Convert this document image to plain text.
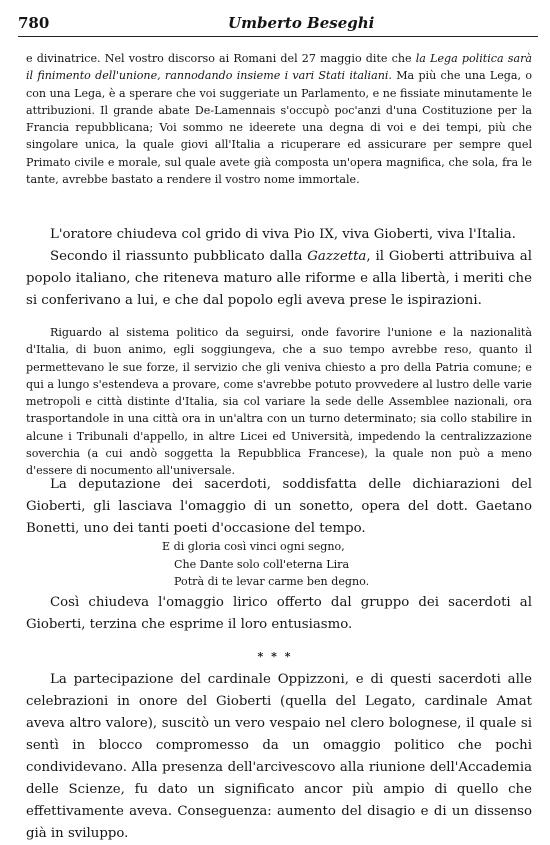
780	Umberto Beseghi

e divinatrice. Nel vostro discorso ai Romani del 27 maggio dite che la Lega politica sarà il finimento dell'unione, rannodando insieme i vari Stati italiani. Ma più che una Lega, o con una Lega, è a sperare che voi suggeriate un Parlamento, e ne fissiate minutamente le attribuzioni. Il grande abate De-Lamennais s'occupò poc'anzi d'una Costituzione per la Francia repubblicana; Voi sommo ne ideerete una degna di voi e dei tempi, più che singolare unica, la quale giovi all'Italia a ricuperare ed assicurare per sempre quel Primato civile e morale, sul quale avete già composta un'opera magnifica, che sola, fra le tante, avrebbe bastato a rendere il vostro nome immortale.

L'oratore chiudeva col grido di viva Pio IX, viva Gioberti, viva l'Italia.

Secondo il riassunto pubblicato dalla Gazzetta, il Gioberti attribuiva al popolo italiano, che riteneva maturo alle riforme e alla libertà, i meriti che si conferivano a lui, e che dal popolo egli aveva prese le ispirazioni.

Riguardo al sistema politico da seguirsi, onde favorire l'unione e la nazionalità d'Italia, di buon animo, egli soggiungeva, che a suo tempo avrebbe reso, quanto il permettevano le sue forze, il servizio che gli veniva chiesto a pro della Patria comune; e qui a lungo s'estendeva a provare, come s'avrebbe potuto provvedere al lustro delle varie metropoli e città distinte d'Italia, sia col variare la sede delle Assemblee nazionali, ora trasportandole in una città ora in un'altra con un turno determinato; sia collo stabilire in alcune i Tribunali d'appello, in altre Licei ed Università, impedendo la centralizzazione soverchia (a cui andò soggetta la Repubblica Francese), la quale non può a meno d'essere di nocumento all'universale.

La deputazione dei sacerdoti, soddisfatta delle dichiarazioni del Gioberti, gli lasciava l'omaggio di un sonetto, opera del dott. Gaetano Bonetti, uno dei tanti poeti d'occasione del tempo.

E di gloria così vinci ogni segno,
Che Dante solo coll'eterna Lira
Potrà di te levar carme ben degno.

Così chiudeva l'omaggio lirico offerto dal gruppo dei sacerdoti al Gioberti, terzina che esprime il loro entusiasmo.

* * *

La partecipazione del cardinale Oppizzoni, e di questi sacerdoti alle celebrazioni in onore del Gioberti (quella del Legato, cardinale Amat aveva altro valore), suscitò un vero vespaio nel clero bolognese, il quale si sentì in blocco compromesso da un omaggio politico che pochi condividevano. Alla presenza dell'arcivescovo alla riunione dell'Accademia delle Scienze, fu dato un significato ancor più ampio di quello che effettivamente aveva. Conseguenza: aumento del disagio e di un dissenso già in sviluppo.
